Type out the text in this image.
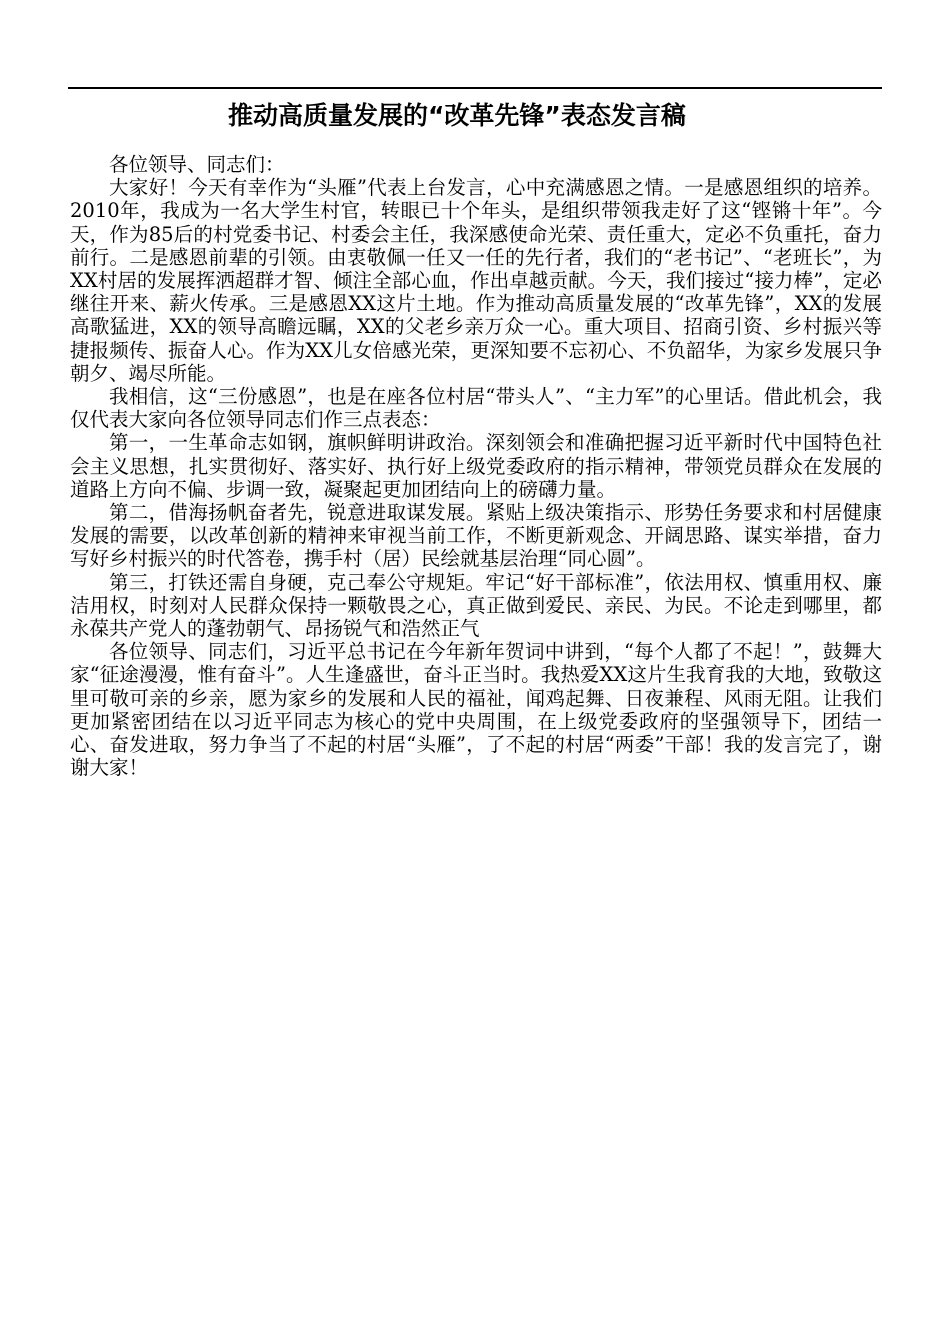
推动高质量发展的“改革先锋”表态发言稿

各位领导、同志们：

大家好！今天有幸作为“头雁”代表上台发言，心中充满感恩之情。一是感恩组织的培养。2010年，我成为一名大学生村官，转眼已十个年头，是组织带领我走好了这“铿锵十年”。今天，作为85后的村党委书记、村委会主任，我深感使命光荣、责任重大，定必不负重托，奋力前行。二是感恩前辈的引领。由衷敬佩一任又一任的先行者，我们的“老书记”、“老班长”，为XX村居的发展挥洒超群才智、倾注全部心血，作出卓越贡献。今天，我们接过“接力棒”，定必继往开来、薪火传承。三是感恩XX这片土地。作为推动高质量发展的“改革先锋”，XX的发展高歌猛进，XX的领导高瞻远瞩，XX的父老乡亲万众一心。重大项目、招商引资、乡村振兴等捷报频传、振奋人心。作为XX儿女倍感光荣，更深知要不忘初心、不负韶华，为家乡发展只争朝夕、竭尽所能。

我相信，这“三份感恩”，也是在座各位村居“带头人”、“主力军”的心里话。借此机会，我仅代表大家向各位领导同志们作三点表态：

第一，一生革命志如钢，旗帜鲜明讲政治。深刻领会和准确把握习近平新时代中国特色社会主义思想，扎实贯彻好、落实好、执行好上级党委政府的指示精神，带领党员群众在发展的道路上方向不偏、步调一致，凝聚起更加团结向上的磅礴力量。

第二，借海扬帆奋者先，锐意进取谋发展。紧贴上级决策指示、形势任务要求和村居健康发展的需要，以改革创新的精神来审视当前工作，不断更新观念、开阔思路、谋实举措，奋力写好乡村振兴的时代答卷，携手村（居）民绘就基层治理“同心圆”。

第三，打铁还需自身硬，克己奉公守规矩。牢记“好干部标准”，依法用权、慎重用权、廉洁用权，时刻对人民群众保持一颗敬畏之心，真正做到爱民、亲民、为民。不论走到哪里，都永葆共产党人的蓬勃朝气、昂扬锐气和浩然正气

各位领导、同志们，习近平总书记在今年新年贺词中讲到，“每个人都了不起！”，鼓舞大家“征途漫漫，惟有奋斗”。人生逢盛世，奋斗正当时。我热爱XX这片生我育我的大地，致敬这里可敬可亲的乡亲，愿为家乡的发展和人民的福祉，闻鸡起舞、日夜兼程、风雨无阻。让我们更加紧密团结在以习近平同志为核心的党中央周围，在上级党委政府的坚强领导下，团结一心、奋发进取，努力争当了不起的村居“头雁”，了不起的村居“两委”干部！我的发言完了，谢谢大家！
